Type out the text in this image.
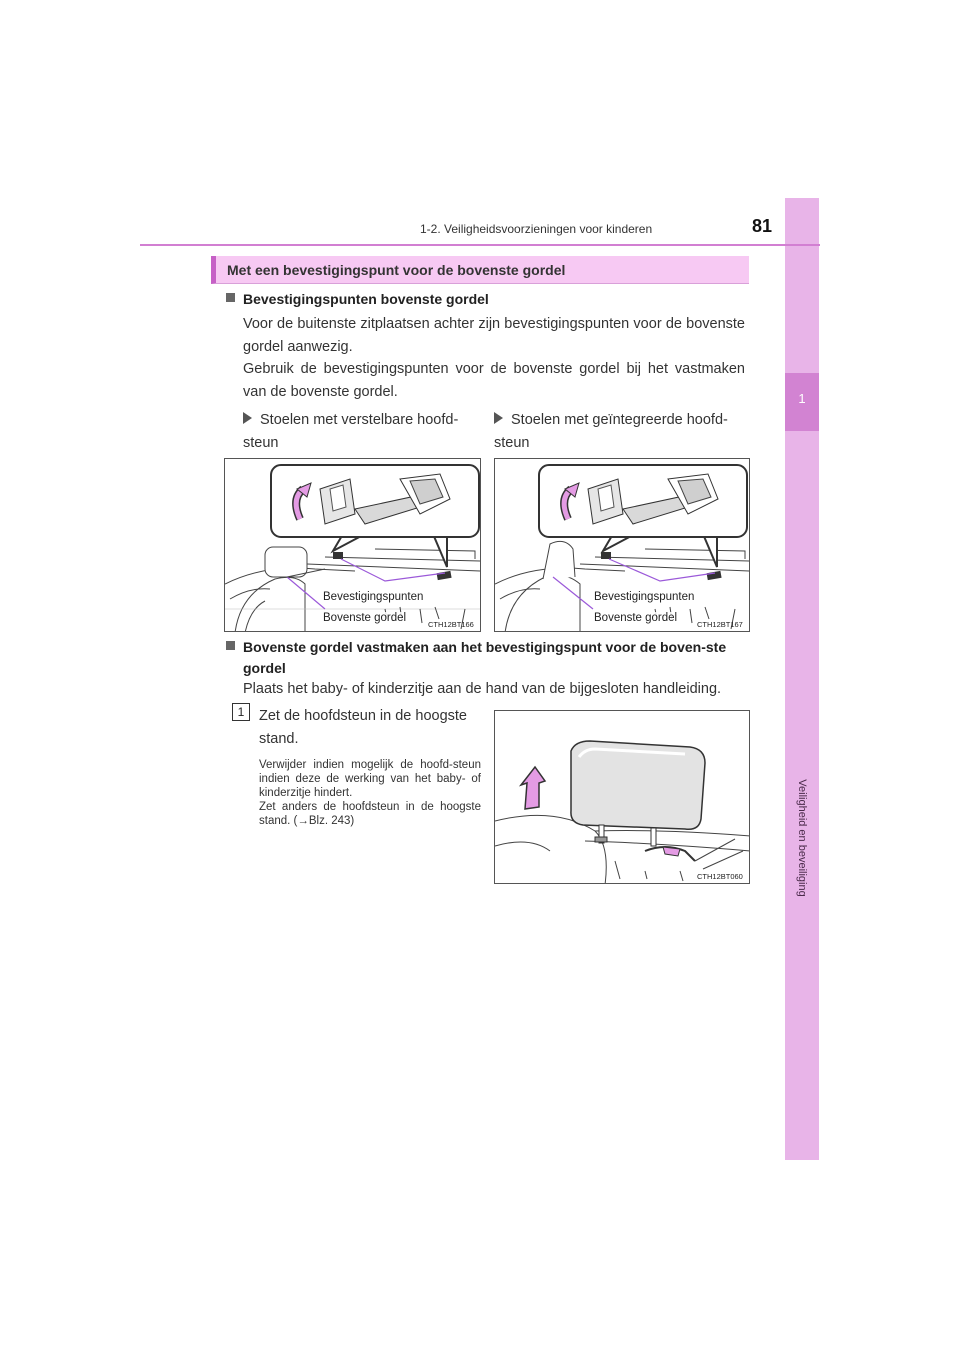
1
Veiligheid en beveiliging
1-2. Veiligheidsvoorzieningen voor kinderen	81
Met een bevestigingspunt voor de bovenste gordel
Bevestigingspunten bovenste gordel
Voor de buitenste zitplaatsen achter zijn bevestigingspunten voor de bovenste gordel aanwezig.
Gebruik de bevestigingspunten voor de bovenste gordel bij het vastmaken van de bovenste gordel.
Stoelen met verstelbare hoofd-steun
Stoelen met geïntegreerde hoofd-steun
Bevestigingspunten
Bovenste gordel
CTH12BT166
Bevestigingspunten
Bovenste gordel
CTH12BT167
Bovenste gordel vastmaken aan het bevestigingspunt voor de boven-ste gordel
Plaats het baby- of kinderzitje aan de hand van de bijgesloten handleiding.
1	Zet de hoofdsteun in de hoogste stand.
Verwijder indien mogelijk de hoofd-steun indien deze de werking van het baby- of kinderzitje hindert.
Zet anders de hoofdsteun in de hoogste stand. (→Blz. 243)
CTH12BT060
